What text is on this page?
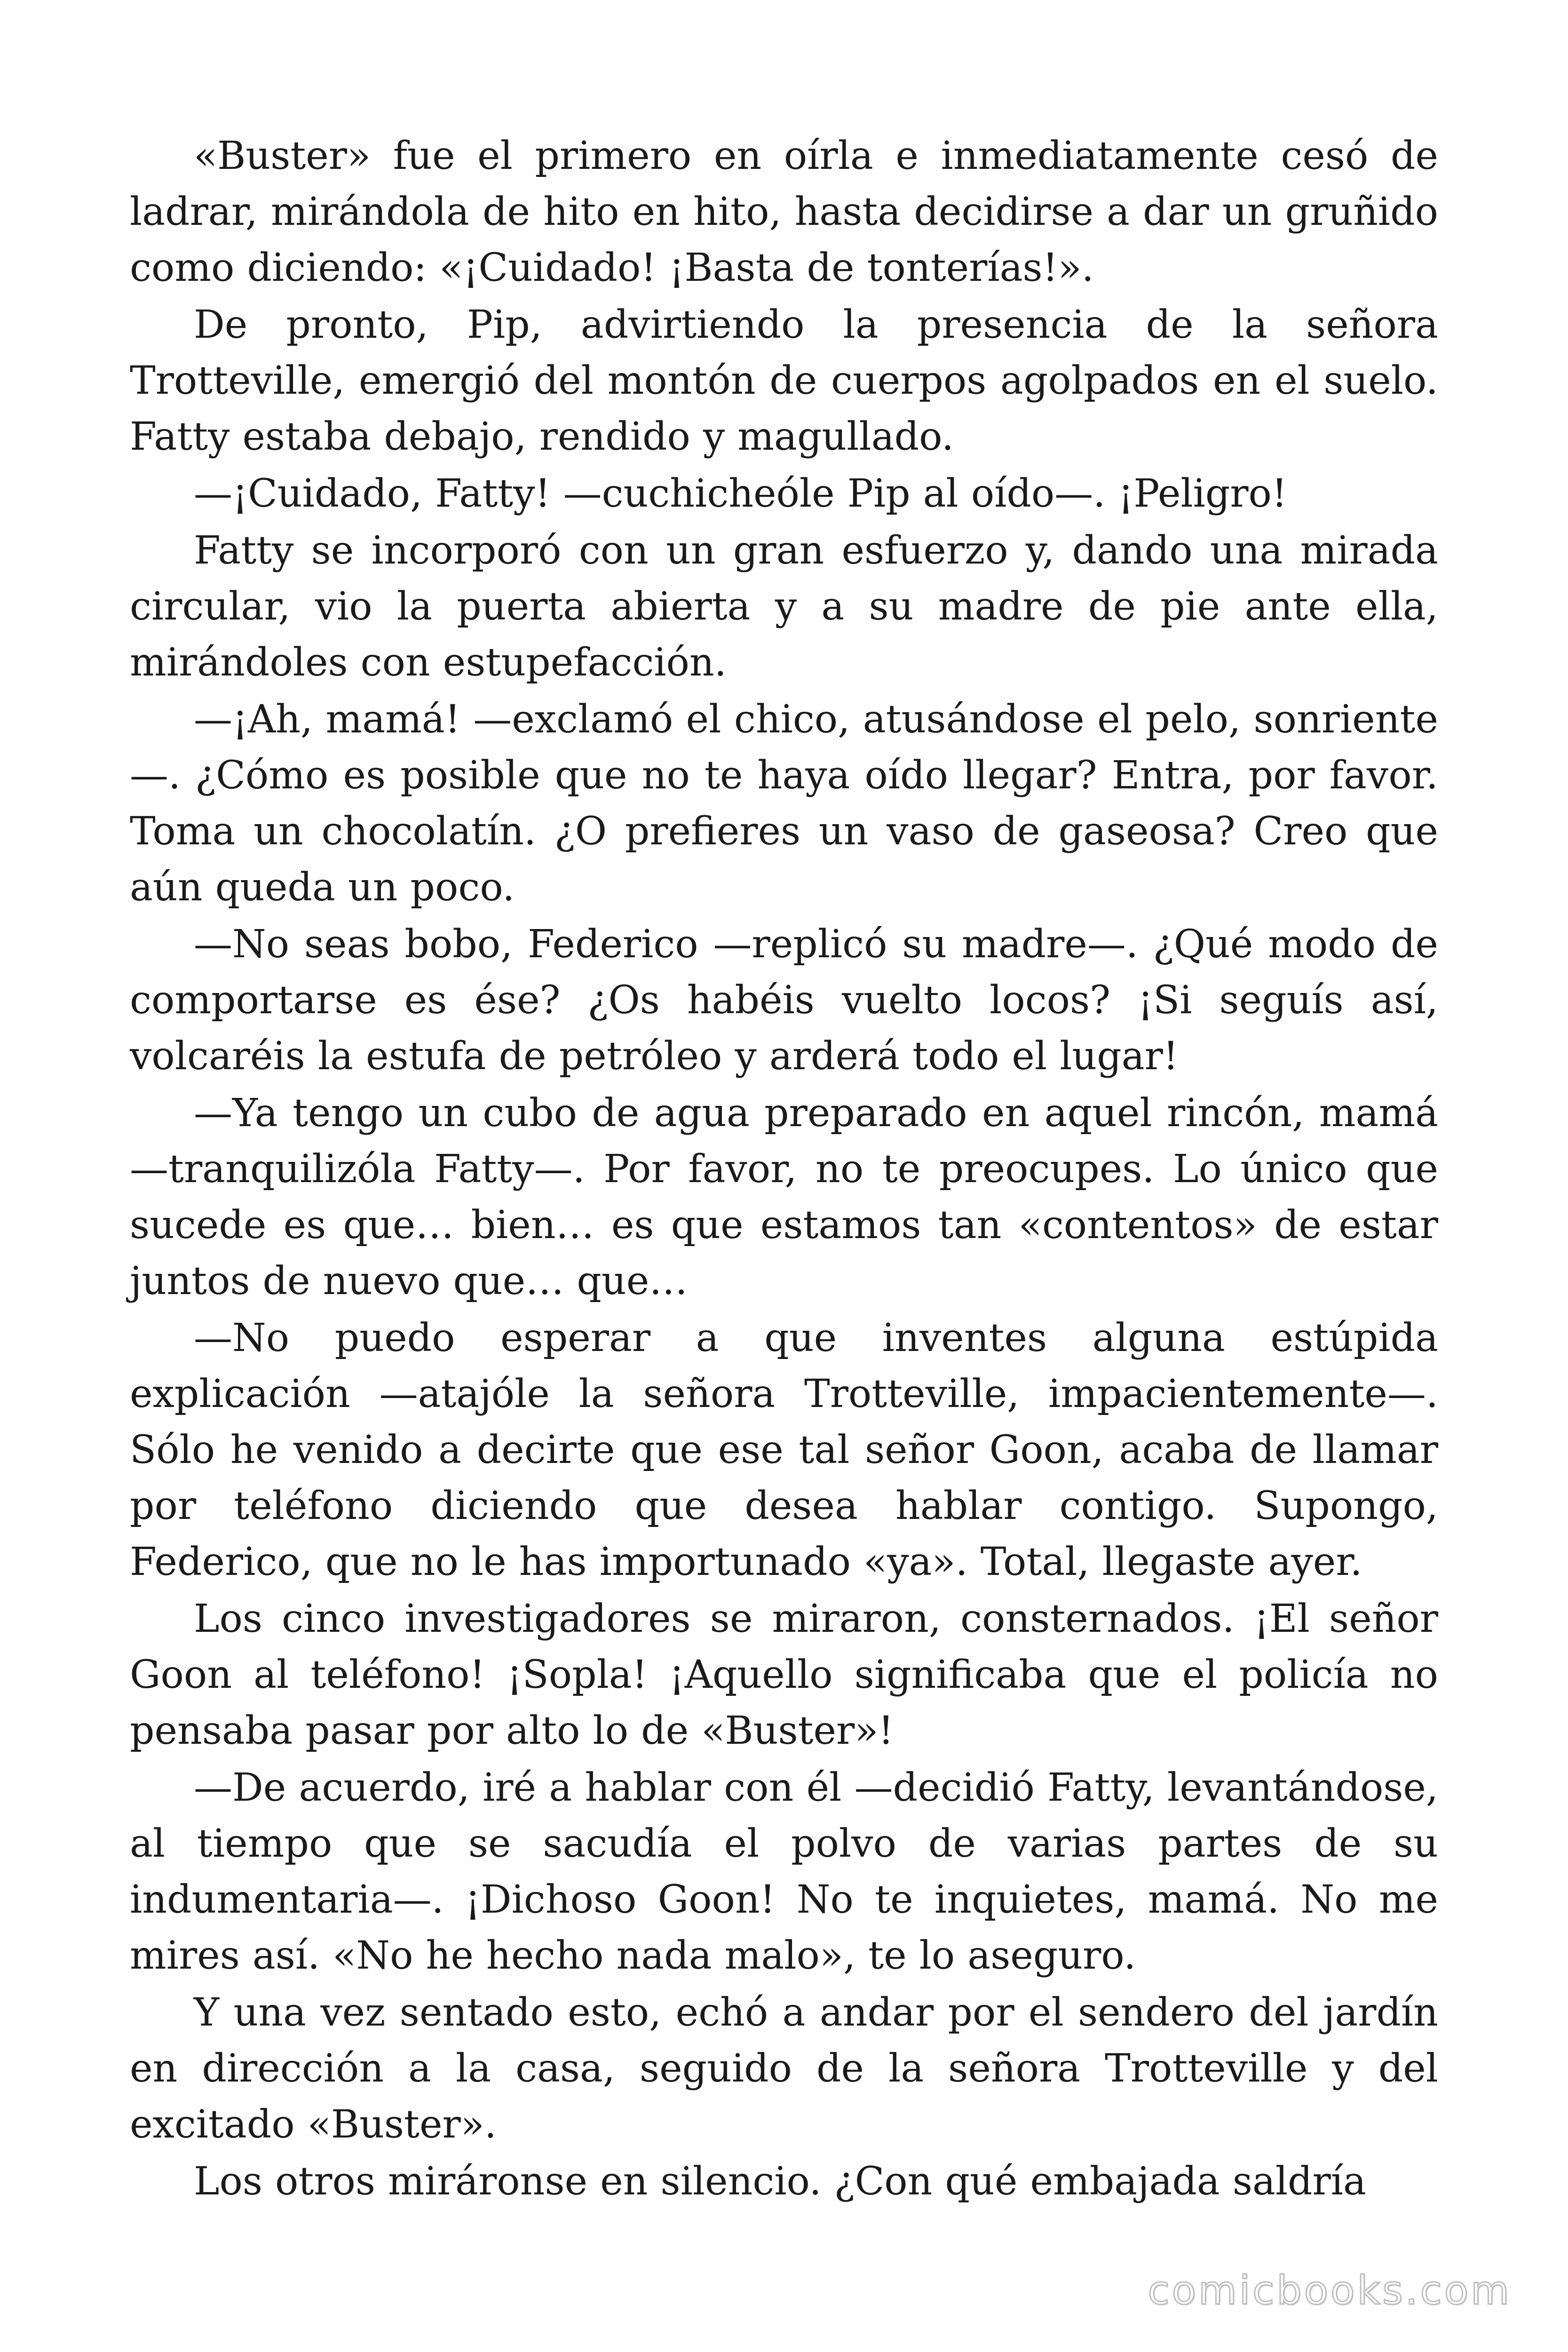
«Buster» fue el primero en oírla e inmediatamente cesó de ladrar, mirándola de hito en hito, hasta decidirse a dar un gruñido como diciendo: «¡Cuidado! ¡Basta de tonterías!».

De pronto, Pip, advirtiendo la presencia de la señora Trotteville, emergió del montón de cuerpos agolpados en el suelo. Fatty estaba debajo, rendido y magullado.

—¡Cuidado, Fatty! —cuchicheóle Pip al oído—. ¡Peligro!

Fatty se incorporó con un gran esfuerzo y, dando una mirada circular, vio la puerta abierta y a su madre de pie ante ella, mirándoles con estupefacción.

—¡Ah, mamá! —exclamó el chico, atusándose el pelo, sonriente —. ¿Cómo es posible que no te haya oído llegar? Entra, por favor. Toma un chocolatín. ¿O prefieres un vaso de gaseosa? Creo que aún queda un poco.

—No seas bobo, Federico —replicó su madre—. ¿Qué modo de comportarse es ése? ¿Os habéis vuelto locos? ¡Si seguís así, volcaréis la estufa de petróleo y arderá todo el lugar!

—Ya tengo un cubo de agua preparado en aquel rincón, mamá —tranquilizóla Fatty—. Por favor, no te preocupes. Lo único que sucede es que… bien… es que estamos tan «contentos» de estar juntos de nuevo que… que…

—No puedo esperar a que inventes alguna estúpida explicación —atajóle la señora Trotteville, impacientemente—. Sólo he venido a decirte que ese tal señor Goon, acaba de llamar por teléfono diciendo que desea hablar contigo. Supongo, Federico, que no le has importunado «ya». Total, llegaste ayer.

Los cinco investigadores se miraron, consternados. ¡El señor Goon al teléfono! ¡Sopla! ¡Aquello significaba que el policía no pensaba pasar por alto lo de «Buster»!

—De acuerdo, iré a hablar con él —decidió Fatty, levantándose, al tiempo que se sacudía el polvo de varias partes de su indumentaria—. ¡Dichoso Goon! No te inquietes, mamá. No me mires así. «No he hecho nada malo», te lo aseguro.

Y una vez sentado esto, echó a andar por el sendero del jardín en dirección a la casa, seguido de la señora Trotteville y del excitado «Buster».

Los otros miráronse en silencio. ¿Con qué embajada saldría

comicbooks.com
